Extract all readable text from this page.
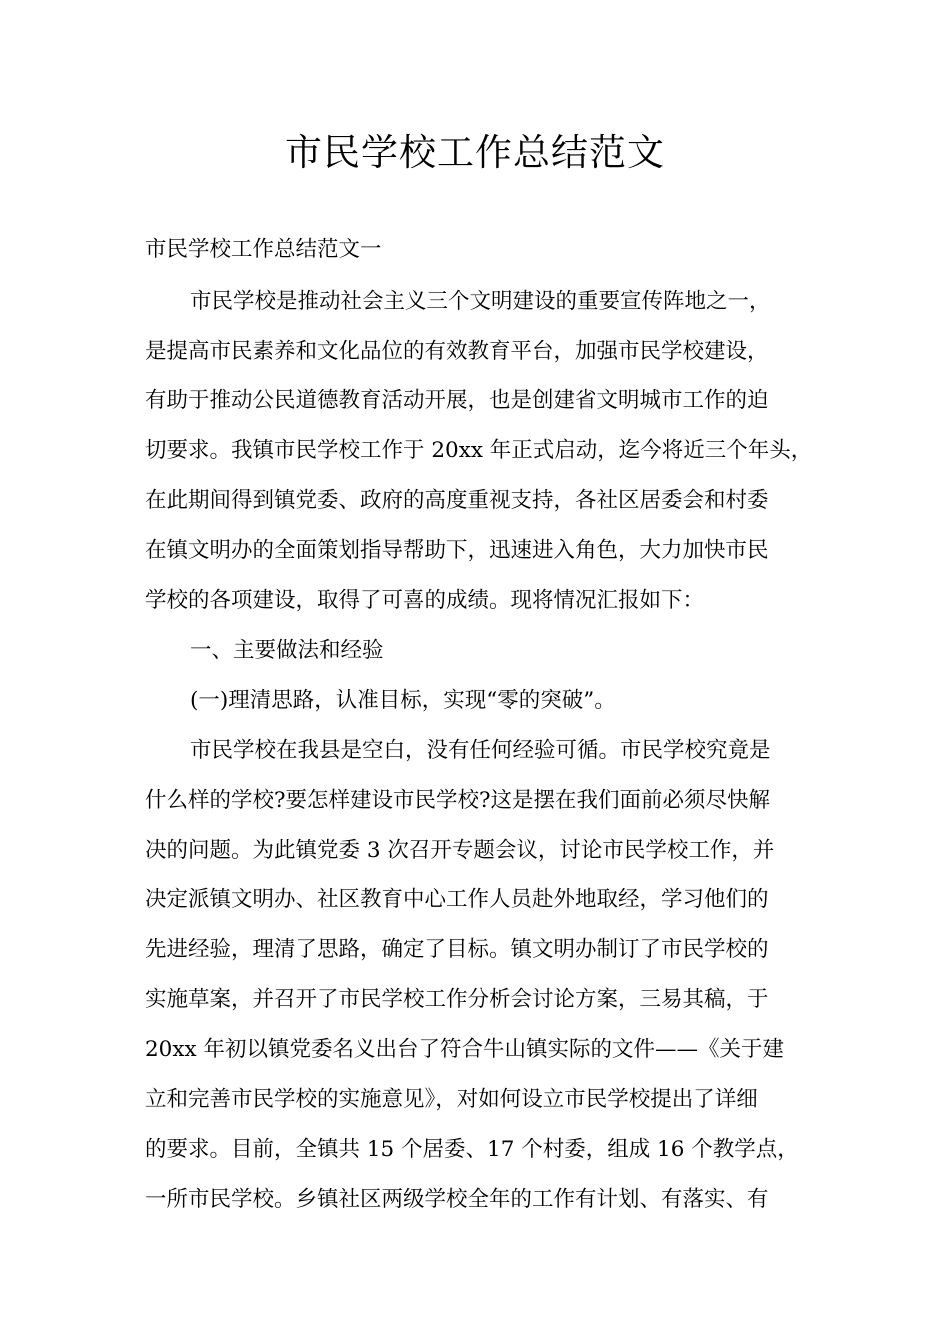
市民学校工作总结范文

市民学校工作总结范文一

市民学校是推动社会主义三个文明建设的重要宣传阵地之一，

是提高市民素养和文化品位的有效教育平台，加强市民学校建设，

有助于推动公民道德教育活动开展，也是创建省文明城市工作的迫

切要求。我镇市民学校工作于 20xx 年正式启动，迄今将近三个年头，

在此期间得到镇党委、政府的高度重视支持，各社区居委会和村委

在镇文明办的全面策划指导帮助下，迅速进入角色，大力加快市民

学校的各项建设，取得了可喜的成绩。现将情况汇报如下：

一、主要做法和经验

(一)理清思路，认准目标，实现“零的突破”。

市民学校在我县是空白，没有任何经验可循。市民学校究竟是

什么样的学校?要怎样建设市民学校?这是摆在我们面前必须尽快解

决的问题。为此镇党委 3 次召开专题会议，讨论市民学校工作，并

决定派镇文明办、社区教育中心工作人员赴外地取经，学习他们的

先进经验，理清了思路，确定了目标。镇文明办制订了市民学校的

实施草案，并召开了市民学校工作分析会讨论方案，三易其稿，于

20xx 年初以镇党委名义出台了符合牛山镇实际的文件——《关于建

立和完善市民学校的实施意见》，对如何设立市民学校提出了详细

的要求。目前，全镇共 15 个居委、17 个村委，组成 16 个教学点，

一所市民学校。乡镇社区两级学校全年的工作有计划、有落实、有
